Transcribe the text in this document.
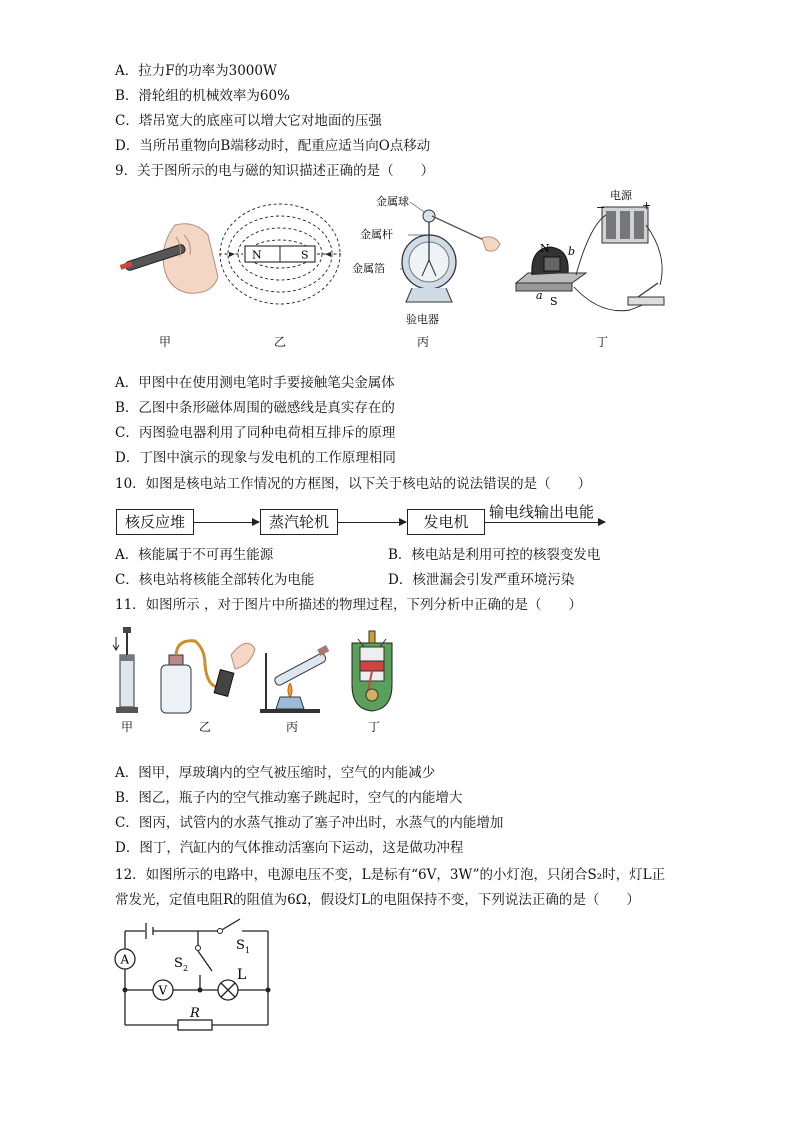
A．拉力F的功率为3000W
B．滑轮组的机械效率为60%
C．塔吊宽大的底座可以增大它对地面的压强
D．当所吊重物向B端移动时，配重应适当向O点移动
9．关于图所示的电与磁的知识描述正确的是（　　）
甲
N	S
乙
金属球
金属杆
金属箔
验电器
丙
电源
−	+
N
S
a
b
丁
A．甲图中在使用测电笔时手要接触笔尖金属体
B．乙图中条形磁体周围的磁感线是真实存在的
C．丙图验电器利用了同种电荷相互排斥的原理
D．丁图中演示的现象与发电机的工作原理相同
10．如图是核电站工作情况的方框图，以下关于核电站的说法错误的是（　　）
核反应堆	蒸汽轮机	发电机
输电线输出电能
A．核能属于不可再生能源	B．核电站是利用可控的核裂变发电
C．核电站将核能全部转化为电能	D．核泄漏会引发严重环境污染
11．如图所示 ，对于图片中所描述的物理过程，下列分析中正确的是（　　）
甲	乙	丙	丁
A．图甲，厚玻璃内的空气被压缩时，空气的内能减少
B．图乙，瓶子内的空气推动塞子跳起时，空气的内能增大
C．图丙，试管内的水蒸气推动了塞子冲出时，水蒸气的内能增加
D．图丁，汽缸内的气体推动活塞向下运动，这是做功冲程
12．如图所示的电路中，电源电压不变，L是标有“6V，3W”的小灯泡，只闭合S₂时，灯L正
常发光，定值电阻R的阻值为6Ω，假设灯L的电阻保持不变，下列说法正确的是（　　）
A
V
L
R
S 1
S 2
